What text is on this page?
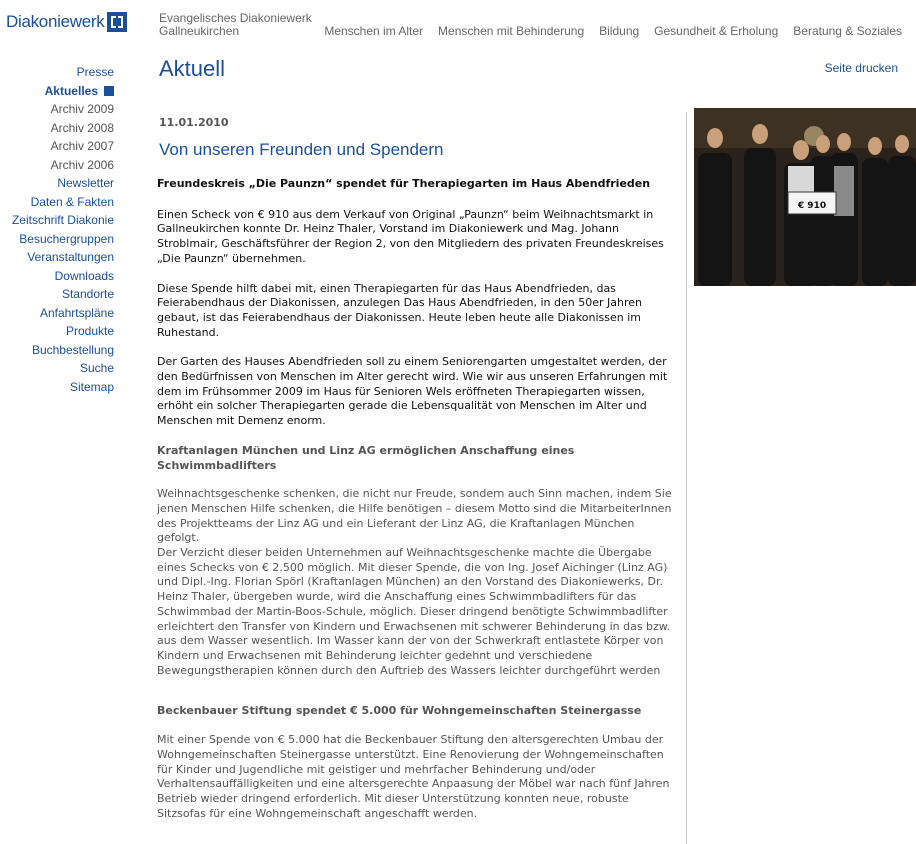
Diakoniewerk	Evangelisches Diakoniewerk
Gallneukirchen	Menschen im Alter Menschen mit Behinderung Bildung Gesundheit & Erholung Beratung & Soziales
Presse
Aktuelles
Archiv 2009
Archiv 2008
Archiv 2007
Archiv 2006
Newsletter
Daten & Fakten
Zeitschrift Diakonie
Besuchergruppen
Veranstaltungen
Downloads
Standorte
Anfahrtspläne
Produkte
Buchbestellung
Suche
Sitemap
Aktuell	Seite drucken
11.01.2010
Von unseren Freunden und Spendern
Freundeskreis „Die Paunzn“ spendet für Therapiegarten im Haus Abendfrieden

Einen Scheck von € 910 aus dem Verkauf von Original „Paunzn“ beim Weihnachtsmarkt in Gallneukirchen konnte Dr. Heinz Thaler, Vorstand im Diakoniewerk und Mag. Johann Stroblmair, Geschäftsführer der Region 2, von den Mitgliedern des privaten Freundeskreises „Die Paunzn“ übernehmen.

Diese Spende hilft dabei mit, einen Therapiegarten für das Haus Abendfrieden, das Feierabendhaus der Diakonissen, anzulegen Das Haus Abendfrieden, in den 50er Jahren gebaut, ist das Feierabendhaus der Diakonissen. Heute leben heute alle Diakonissen im Ruhestand.

Der Garten des Hauses Abendfrieden soll zu einem Seniorengarten umgestaltet werden, der den Bedürfnissen von Menschen im Alter gerecht wird. Wie wir aus unseren Erfahrungen mit dem im Frühsommer 2009 im Haus für Senioren Wels eröffneten Therapiegarten wissen, erhöht ein solcher Therapiegarten gerade die Lebensqualität von Menschen im Alter und Menschen mit Demenz enorm.

Kraftanlagen München und Linz AG ermöglichen Anschaffung eines Schwimmbadlifters

Weihnachtsgeschenke schenken, die nicht nur Freude, sondern auch Sinn machen, indem Sie jenen Menschen Hilfe schenken, die Hilfe benötigen – diesem Motto sind die MitarbeiterInnen des Projektteams der Linz AG und ein Lieferant der Linz AG, die Kraftanlagen München gefolgt.

Der Verzicht dieser beiden Unternehmen auf Weihnachtsgeschenke machte die Übergabe eines Schecks von € 2.500 möglich. Mit dieser Spende, die von Ing. Josef Aichinger (Linz AG) und Dipl.-Ing. Florian Spörl (Kraftanlagen München) an den Vorstand des Diakoniewerks, Dr. Heinz Thaler, übergeben wurde, wird die Anschaffung eines Schwimmbadlifters für das Schwimmbad der Martin-Boos-Schule, möglich. Dieser dringend benötigte Schwimmbadlifter erleichtert den Transfer von Kindern und Erwachsenen mit schwerer Behinderung in das bzw. aus dem Wasser wesentlich. Im Wasser kann der von der Schwerkraft entlastete Körper von Kindern und Erwachsenen mit Behinderung leichter gedehnt und verschiedene Bewegungstherapien können durch den Auftrieb des Wassers leichter durchgeführt werden

Beckenbauer Stiftung spendet € 5.000 für Wohngemeinschaften Steinergasse

Mit einer Spende von € 5.000 hat die Beckenbauer Stiftung den altersgerechten Umbau der Wohngemeinschaften Steinergasse unterstützt. Eine Renovierung der Wohngemeinschaften für Kinder und Jugendliche mit geistiger und mehrfacher Behinderung und/oder Verhaltensauffälligkeiten und eine altersgerechte Anpaasung der Möbel war nach fünf Jahren Betrieb wieder dringend erforderlich. Mit dieser Unterstützung konnten neue, robuste Sitzsofas für eine Wohngemeinschaft angeschafft werden.

€ 910
